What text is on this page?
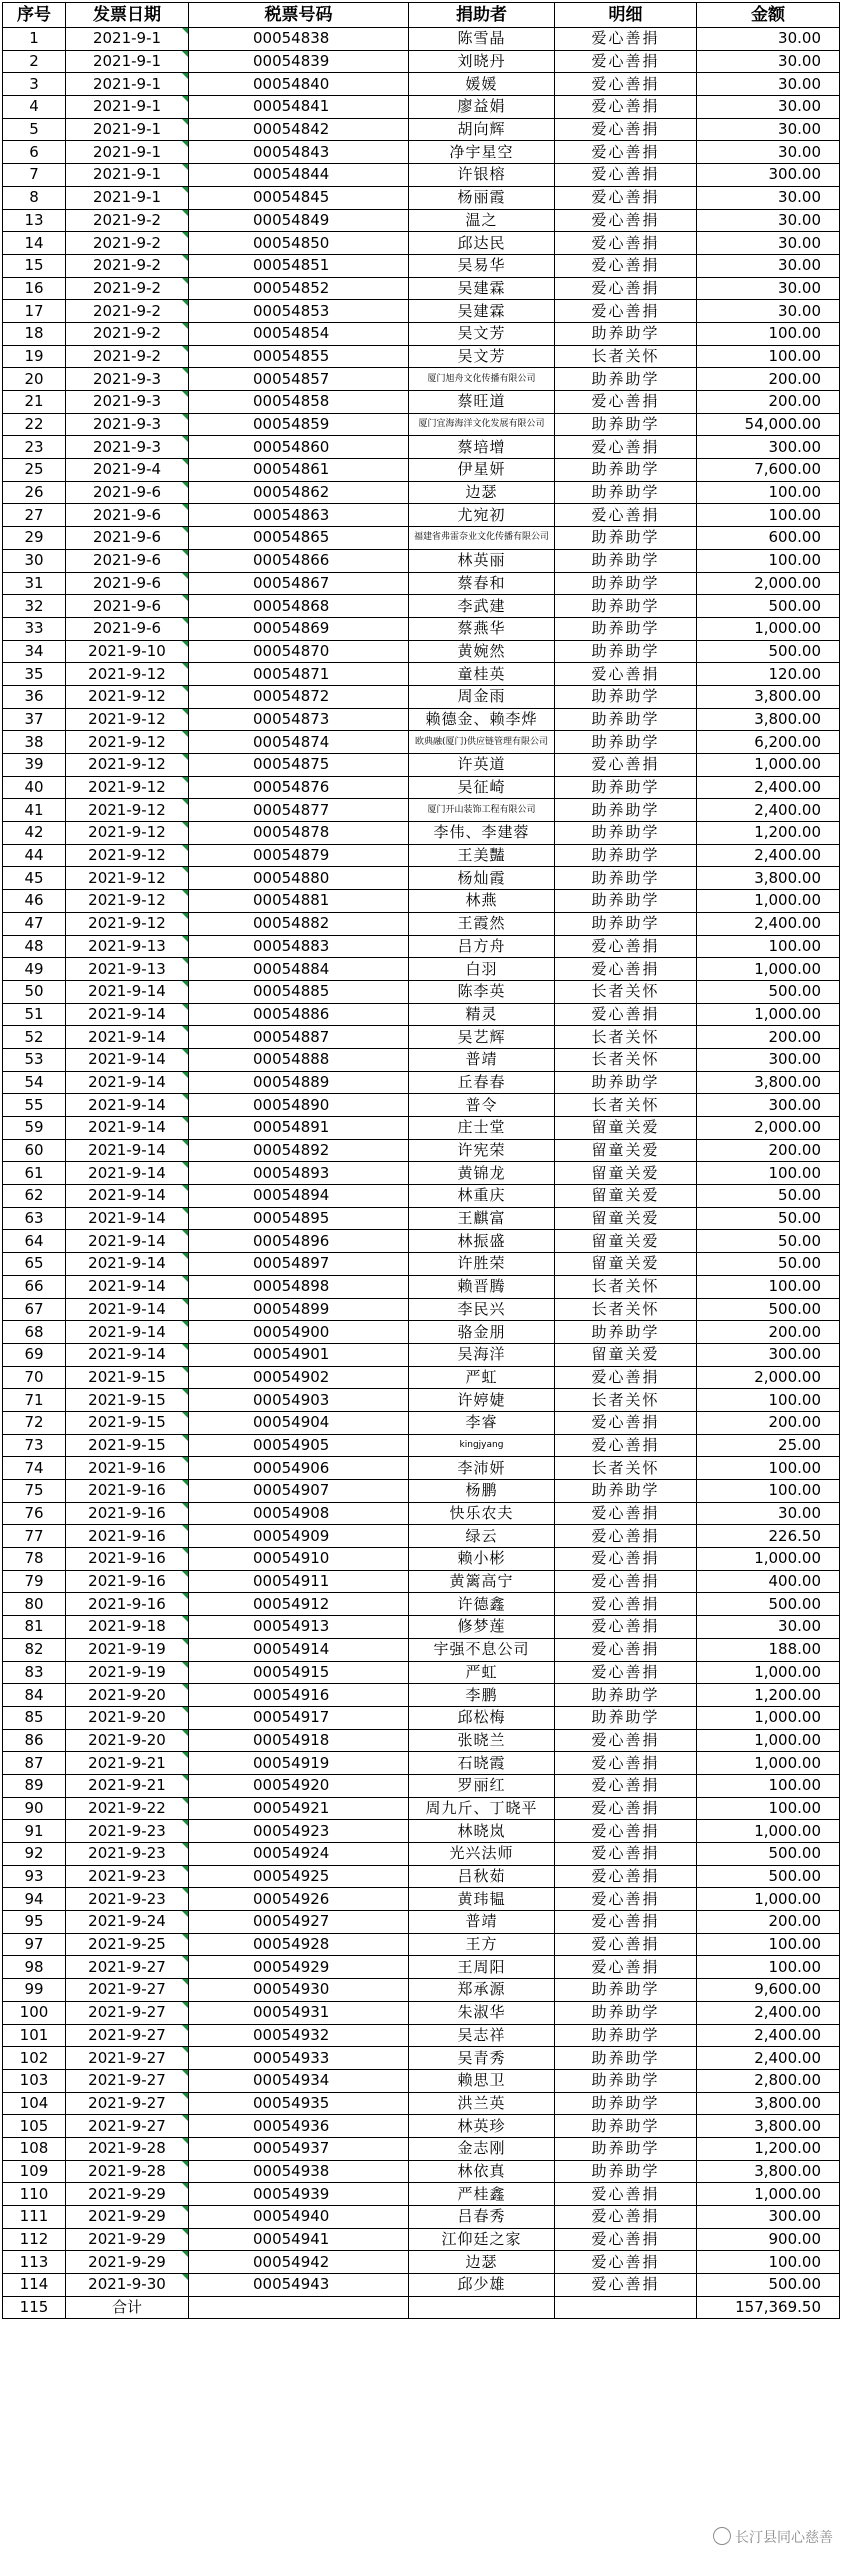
序号	发票日期	税票号码	捐助者	明细	金额
1	2021-9-1	00054838	陈雪晶	爱心善捐	30.00
2	2021-9-1	00054839	刘晓丹	爱心善捐	30.00
3	2021-9-1	00054840	媛媛	爱心善捐	30.00
4	2021-9-1	00054841	廖益娟	爱心善捐	30.00
5	2021-9-1	00054842	胡向辉	爱心善捐	30.00
6	2021-9-1	00054843	净宇星空	爱心善捐	30.00
7	2021-9-1	00054844	许银榕	爱心善捐	300.00
8	2021-9-1	00054845	杨丽霞	爱心善捐	30.00
13	2021-9-2	00054849	温之	爱心善捐	30.00
14	2021-9-2	00054850	邱达民	爱心善捐	30.00
15	2021-9-2	00054851	吴易华	爱心善捐	30.00
16	2021-9-2	00054852	吴建霖	爱心善捐	30.00
17	2021-9-2	00054853	吴建霖	爱心善捐	30.00
18	2021-9-2	00054854	吴文芳	助养助学	100.00
19	2021-9-2	00054855	吴文芳	长者关怀	100.00
20	2021-9-3	00054857	厦门旭舟文化传播有限公司	助养助学	200.00
21	2021-9-3	00054858	蔡旺道	爱心善捐	200.00
22	2021-9-3	00054859	厦门宜海海洋文化发展有限公司	助养助学	54,000.00
23	2021-9-3	00054860	蔡培增	爱心善捐	300.00
25	2021-9-4	00054861	伊星妍	助养助学	7,600.00
26	2021-9-6	00054862	边瑟	助养助学	100.00
27	2021-9-6	00054863	尤宛初	爱心善捐	100.00
29	2021-9-6	00054865	福建省弗雷奈业文化传播有限公司	助养助学	600.00
30	2021-9-6	00054866	林英丽	助养助学	100.00
31	2021-9-6	00054867	蔡春和	助养助学	2,000.00
32	2021-9-6	00054868	李武建	助养助学	500.00
33	2021-9-6	00054869	蔡燕华	助养助学	1,000.00
34	2021-9-10	00054870	黄婉然	助养助学	500.00
35	2021-9-12	00054871	童桂英	爱心善捐	120.00
36	2021-9-12	00054872	周金雨	助养助学	3,800.00
37	2021-9-12	00054873	赖德金、赖李烨	助养助学	3,800.00
38	2021-9-12	00054874	欧典融(厦门)供应链管理有限公司	助养助学	6,200.00
39	2021-9-12	00054875	许英道	爱心善捐	1,000.00
40	2021-9-12	00054876	吴征崎	助养助学	2,400.00
41	2021-9-12	00054877	厦门开山装饰工程有限公司	助养助学	2,400.00
42	2021-9-12	00054878	李伟、李建蓉	助养助学	1,200.00
44	2021-9-12	00054879	王美豔	助养助学	2,400.00
45	2021-9-12	00054880	杨灿霞	助养助学	3,800.00
46	2021-9-12	00054881	林燕	助养助学	1,000.00
47	2021-9-12	00054882	王霞然	助养助学	2,400.00
48	2021-9-13	00054883	吕方舟	爱心善捐	100.00
49	2021-9-13	00054884	白羽	爱心善捐	1,000.00
50	2021-9-14	00054885	陈李英	长者关怀	500.00
51	2021-9-14	00054886	精灵	爱心善捐	1,000.00
52	2021-9-14	00054887	吴艺辉	长者关怀	200.00
53	2021-9-14	00054888	普靖	长者关怀	300.00
54	2021-9-14	00054889	丘春春	助养助学	3,800.00
55	2021-9-14	00054890	普令	长者关怀	300.00
59	2021-9-14	00054891	庄士堂	留童关爱	2,000.00
60	2021-9-14	00054892	许宪荣	留童关爱	200.00
61	2021-9-14	00054893	黄锦龙	留童关爱	100.00
62	2021-9-14	00054894	林重庆	留童关爱	50.00
63	2021-9-14	00054895	王麒富	留童关爱	50.00
64	2021-9-14	00054896	林振盛	留童关爱	50.00
65	2021-9-14	00054897	许胜荣	留童关爱	50.00
66	2021-9-14	00054898	赖晋腾	长者关怀	100.00
67	2021-9-14	00054899	李民兴	长者关怀	500.00
68	2021-9-14	00054900	骆金朋	助养助学	200.00
69	2021-9-14	00054901	吴海洋	留童关爱	300.00
70	2021-9-15	00054902	严虹	爱心善捐	2,000.00
71	2021-9-15	00054903	许婷婕	长者关怀	100.00
72	2021-9-15	00054904	李睿	爱心善捐	200.00
73	2021-9-15	00054905	kingjyang	爱心善捐	25.00
74	2021-9-16	00054906	李沛妍	长者关怀	100.00
75	2021-9-16	00054907	杨鹏	助养助学	100.00
76	2021-9-16	00054908	快乐农夫	爱心善捐	30.00
77	2021-9-16	00054909	绿云	爱心善捐	226.50
78	2021-9-16	00054910	赖小彬	爱心善捐	1,000.00
79	2021-9-16	00054911	黄篱高宁	爱心善捐	400.00
80	2021-9-16	00054912	许德鑫	爱心善捐	500.00
81	2021-9-18	00054913	修梦莲	爱心善捐	30.00
82	2021-9-19	00054914	宇强不息公司	爱心善捐	188.00
83	2021-9-19	00054915	严虹	爱心善捐	1,000.00
84	2021-9-20	00054916	李鹏	助养助学	1,200.00
85	2021-9-20	00054917	邱松梅	助养助学	1,000.00
86	2021-9-20	00054918	张晓兰	爱心善捐	1,000.00
87	2021-9-21	00054919	石晓霞	爱心善捐	1,000.00
89	2021-9-21	00054920	罗丽红	爱心善捐	100.00
90	2021-9-22	00054921	周九斤、丁晓平	爱心善捐	100.00
91	2021-9-23	00054923	林晓岚	爱心善捐	1,000.00
92	2021-9-23	00054924	光兴法师	爱心善捐	500.00
93	2021-9-23	00054925	吕秋茹	爱心善捐	500.00
94	2021-9-23	00054926	黄玮韫	爱心善捐	1,000.00
95	2021-9-24	00054927	普靖	爱心善捐	200.00
97	2021-9-25	00054928	王方	爱心善捐	100.00
98	2021-9-27	00054929	王周阳	爱心善捐	100.00
99	2021-9-27	00054930	郑承源	助养助学	9,600.00
100	2021-9-27	00054931	朱淑华	助养助学	2,400.00
101	2021-9-27	00054932	吴志祥	助养助学	2,400.00
102	2021-9-27	00054933	吴青秀	助养助学	2,400.00
103	2021-9-27	00054934	赖思卫	助养助学	2,800.00
104	2021-9-27	00054935	洪兰英	助养助学	3,800.00
105	2021-9-27	00054936	林英珍	助养助学	3,800.00
108	2021-9-28	00054937	金志刚	助养助学	1,200.00
109	2021-9-28	00054938	林依真	助养助学	3,800.00
110	2021-9-29	00054939	严桂鑫	爱心善捐	1,000.00
111	2021-9-29	00054940	吕春秀	爱心善捐	300.00
112	2021-9-29	00054941	江仰廷之家	爱心善捐	900.00
113	2021-9-29	00054942	边瑟	爱心善捐	100.00
114	2021-9-30	00054943	邱少雄	爱心善捐	500.00
115	合计				157,369.50
长汀县同心慈善
